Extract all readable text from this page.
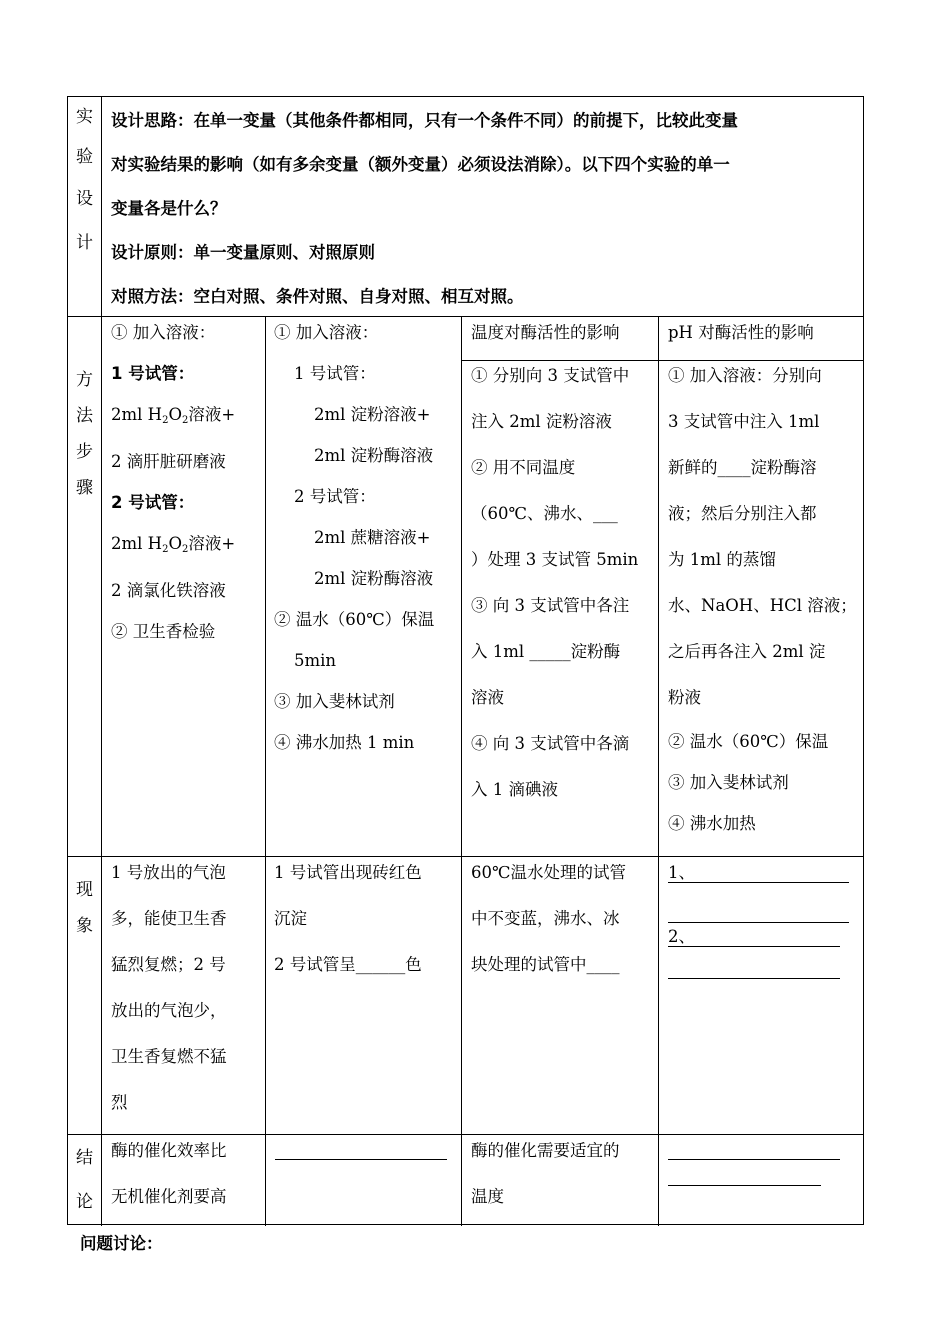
实
验
设
计

设计思路：在单一变量（其他条件都相同，只有一个条件不同）的前提下，比较此变量

对实验结果的影响（如有多余变量（额外变量）必须设法消除）。以下四个实验的单一

变量各是什么？

设计原则：单一变量原则、对照原则

对照方法：空白对照、条件对照、自身对照、相互对照。

方
法
步
骤

① 加入溶液：

1 号试管：

2ml $H_2O_2$溶液+

2 滴肝脏研磨液

2 号试管：

2ml $H_2O_2$溶液+

2 滴氯化铁溶液

② 卫生香检验

① 加入溶液：

1 号试管：

2ml 淀粉溶液+

2ml 淀粉酶溶液

2 号试管：

2ml 蔗糖溶液+

2ml 淀粉酶溶液

② 温水（60℃）保温

5min

③ 加入斐林试剂

④ 沸水加热 1 min

温度对酶活性的影响

① 分别向 3 支试管中

注入 2ml 淀粉溶液

② 用不同温度

（60℃、沸水、___

）处理 3 支试管 5min

③ 向 3 支试管中各注

入 1ml _____淀粉酶

溶液

④ 向 3 支试管中各滴

入 1 滴碘液

pH 对酶活性的影响

① 加入溶液：分别向

3 支试管中注入 1ml

新鲜的____淀粉酶溶

液；然后分别注入都

为 1ml 的蒸馏

水、NaOH、HCl 溶液；

之后再各注入 2ml 淀

粉液

② 温水（60℃）保温

③ 加入斐林试剂

④ 沸水加热

现
象

1 号放出的气泡

多，能使卫生香

猛烈复燃；2 号

放出的气泡少，

卫生香复燃不猛

烈

1 号试管出现砖红色

沉淀

2 号试管呈______色

60℃温水处理的试管

中不变蓝，沸水、冰

块处理的试管中____

1、
2、
结
论

酶的催化效率比

无机催化剂要高

酶的催化需要适宜的

温度

问题讨论：
